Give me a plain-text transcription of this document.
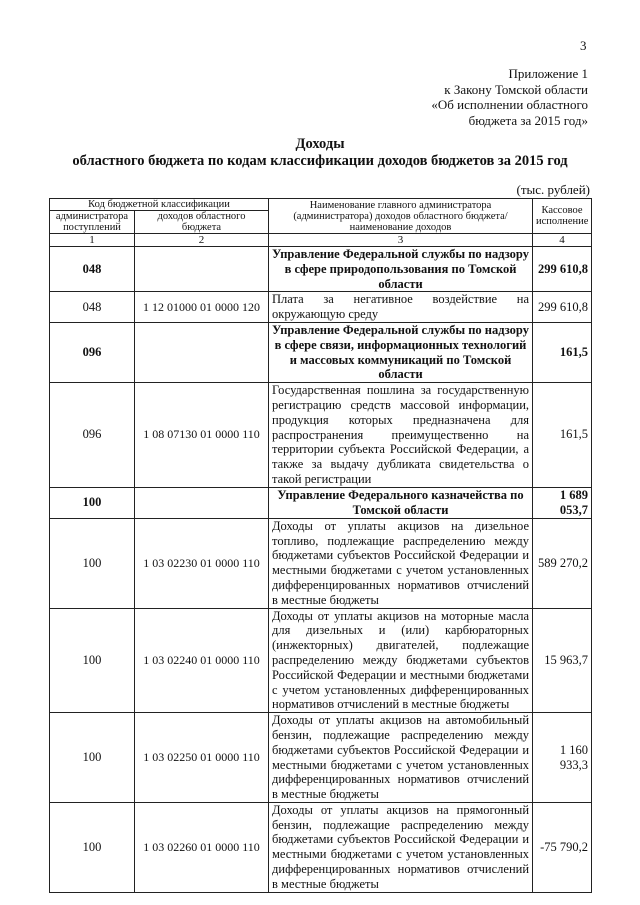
3
Приложение 1
к Закону Томской области
«Об исполнении областного
бюджета за 2015 год»
Доходы
областного бюджета по кодам классификации доходов бюджетов за 2015 год
(тыс. рублей)
Код бюджетной классификации		Наименование главного администратора (администратора) доходов областного бюджета/ наименование доходов	Кассовое исполнение
администратора поступлений	доходов областного бюджета		
1	2	3	4
048		Управление Федеральной службы по надзору в сфере природопользования по Томской области	299 610,8
048	1 12 01000 01 0000 120	Плата за негативное воздействие на окружающую среду	299 610,8
096		Управление Федеральной службы по надзору в сфере связи, информационных технологий и массовых коммуникаций по Томской области	161,5
096	1 08 07130 01 0000 110	Государственная пошлина за государственную регистрацию средств массовой информации, продукция которых предназначена для распространения преимущественно на территории субъекта Российской Федерации, а также за выдачу дубликата свидетельства о такой регистрации	161,5
100		Управление Федерального казначейства по Томской области	1 689 053,7
100	1 03 02230 01 0000 110	Доходы от уплаты акцизов на дизельное топливо, подлежащие распределению между бюджетами субъектов Российской Федерации и местными бюджетами с учетом установленных дифференцированных нормативов отчислений в местные бюджеты	589 270,2
100	1 03 02240 01 0000 110	Доходы от уплаты акцизов на моторные масла для дизельных и (или) карбюраторных (инжекторных) двигателей, подлежащие распределению между бюджетами субъектов Российской Федерации и местными бюджетами с учетом установленных дифференцированных нормативов отчислений в местные бюджеты	15 963,7
100	1 03 02250 01 0000 110	Доходы от уплаты акцизов на автомобильный бензин, подлежащие распределению между бюджетами субъектов Российской Федерации и местными бюджетами с учетом установленных дифференцированных нормативов отчислений в местные бюджеты	1 160 933,3
100	1 03 02260 01 0000 110	Доходы от уплаты акцизов на прямогонный бензин, подлежащие распределению между бюджетами субъектов Российской Федерации и местными бюджетами с учетом установленных дифференцированных нормативов отчислений в местные бюджеты	-75 790,2
